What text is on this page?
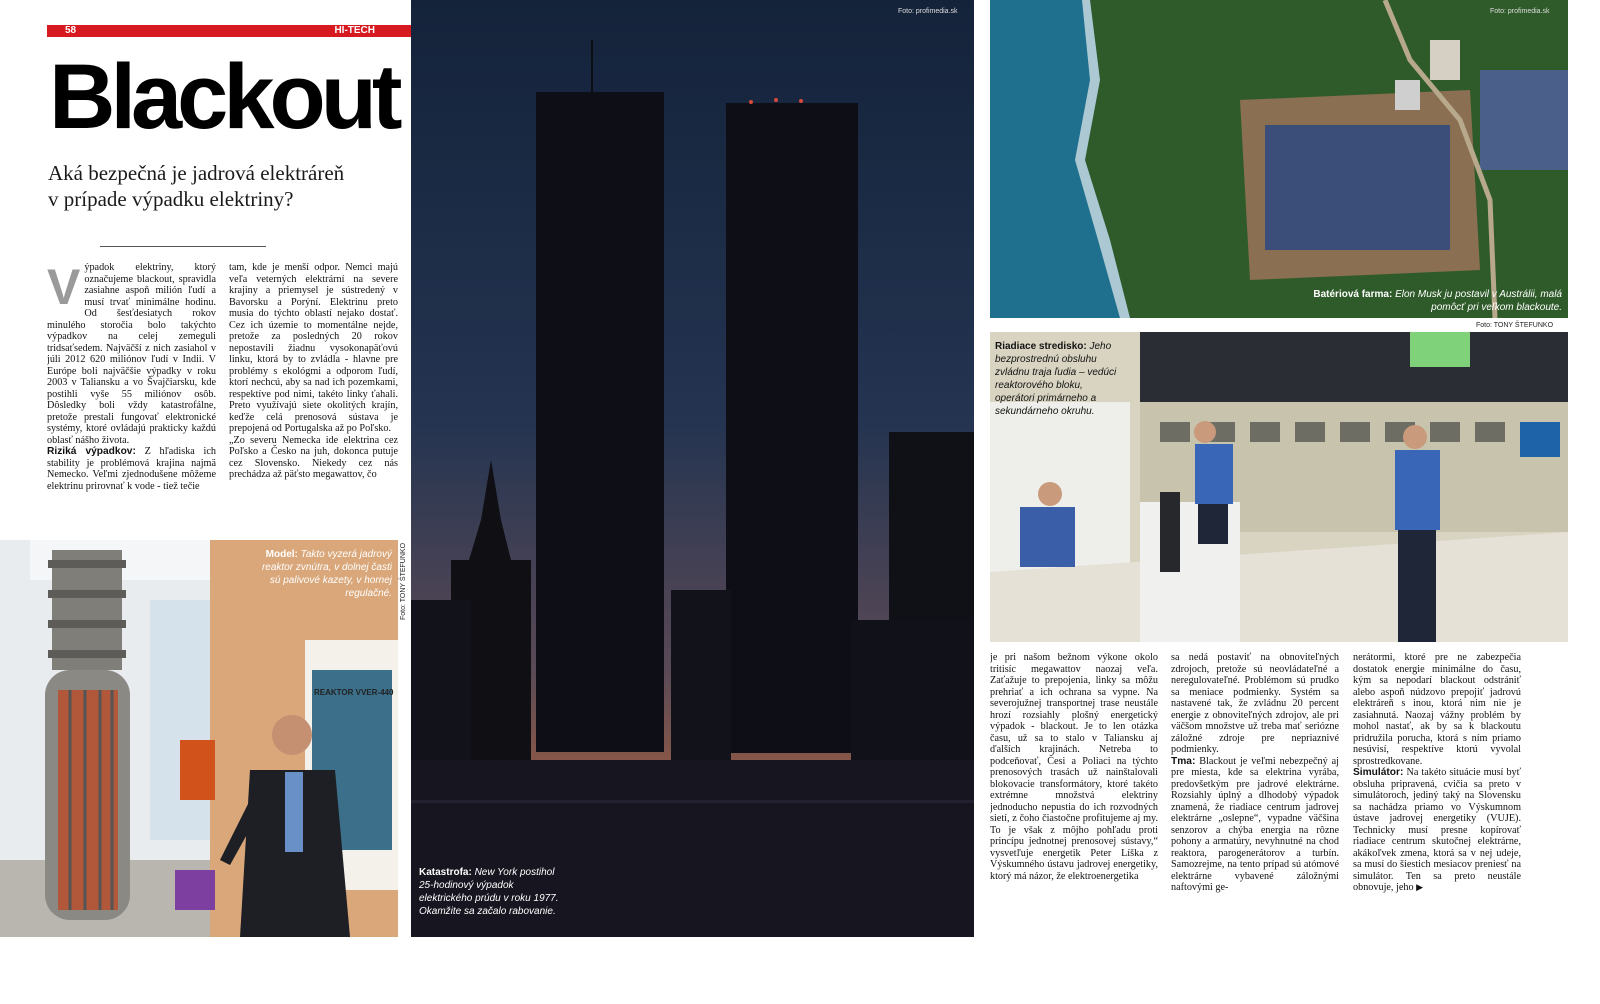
58	HI-TECH
Blackout
Aká bezpečná je jadrová elektráreň v prípade výpadku elektriny?
V ýpadok elektriny, ktorý označujeme blackout, spravidla zasiahne aspoň milión ľudí a musí trvať minimálne hodinu. Od šesťdesiatych rokov minulého storočia bolo takýchto výpadkov na celej zemeguli tridsaťsedem. Najväčší z nich zasiahol v júli 2012 620 miliónov ľudí v Indii. V Európe boli najväčšie výpadky v roku 2003 v Taliansku a vo Švajčiarsku, kde postihli vyše 55 miliónov osôb. Dôsledky boli vždy katastrofálne, pretože prestali fungovať elektronické systémy, ktoré ovládajú prakticky každú oblasť nášho života.

Riziká výpadkov: Z hľadiska ich stability je problémová krajina najmä Nemecko. Veľmi zjednodušene môžeme elektrinu prirovnať k vode - tiež tečie

tam, kde je menší odpor. Nemci majú veľa veterných elektrární na severe krajiny a priemysel je sústredený v Bavorsku a Porýní. Elektrinu preto musia do týchto oblastí nejako dostať. Cez ich územie to momentálne nejde, pretože za posledných 20 rokov nepostavili žiadnu vysokonapäťovú linku, ktorá by to zvládla - hlavne pre problémy s ekológmi a odporom ľudí, ktorí nechcú, aby sa nad ich pozemkami, respektíve pod nimi, takéto linky ťahali. Preto využívajú siete okolitých krajín, keďže celá prenosová sústava je prepojená od Portugalska až po Poľsko.

„Zo severu Nemecka ide elektrina cez Poľsko a Česko na juh, dokonca putuje cez Slovensko. Niekedy cez nás prechádza až päťsto megawattov, čo

REAKTOR VVER-440
Model: Takto vyzerá jadrový reaktor zvnútra, v dolnej časti sú palivové kazety, v hornej regulačné. Foto: TONY ŠTEFUNKO
Foto: profimedia.sk
Katastrofa: New York postihol 25-hodinový výpadok elektrického prúdu v roku 1977. Okamžite sa začalo rabovanie.
Foto: profimedia.sk
Batériová farma: Elon Musk ju postavil v Austrálii, malá pomôcť pri veľkom blackoute.
Foto: TONY ŠTEFUNKO
Riadiace stredisko: Jeho bezprostrednú obsluhu zvládnu traja ľudia – vedúci reaktorového bloku, operátori primárneho a sekundárneho okruhu.

je pri našom bežnom výkone okolo tritisíc megawattov naozaj veľa. Zaťažuje to prepojenia, linky sa môžu prehriať a ich ochrana sa vypne. Na severojužnej transportnej trase neustále hrozí rozsiahly plošný energetický výpadok - blackout. Je to len otázka času, už sa to stalo v Taliansku aj ďalších krajinách. Netreba to podceňovať, Česi a Poliaci na týchto prenosových trasách už nainštalovali blokovacie transformátory, ktoré takéto extrémne množstvá elektriny jednoducho nepustia do ich rozvodných sietí, z čoho čiastočne profitujeme aj my. To je však z môjho pohľadu proti princípu jednotnej prenosovej sústavy,“ vysvetľuje energetik Peter Líška z Výskumného ústavu jadrovej energetiky, ktorý má názor, že elektroenergetika

sa nedá postaviť na obnoviteľných zdrojoch, pretože sú neovládateľné a neregulovateľné. Problémom sú prudko sa meniace podmienky. Systém sa nastavené tak, že zvládnu 20 percent energie z obnoviteľných zdrojov, ale pri väčšom množstve už treba mať seriózne záložné zdroje pre nepriaznivé podmienky.

Tma: Blackout je veľmi nebezpečný aj pre miesta, kde sa elektrina vyrába, predovšetkým pre jadrové elektrárne. Rozsiahly úplný a dlhodobý výpadok znamená, že riadiace centrum jadrovej elektrárne „oslepne“, vypadne väčšina senzorov a chýba energia na rôzne pohony a armatúry, nevyhnutné na chod reaktora, parogenerátorov a turbín. Samozrejme, na tento prípad sú atómové elektrárne vybavené záložnými naftovými ge-

nerátormi, ktoré pre ne zabezpečia dostatok energie minimálne do času, kým sa nepodarí blackout odstrániť alebo aspoň núdzovo prepojiť jadrovú elektráreň s inou, ktorá nim nie je zasiahnutá. Naozaj vážny problém by mohol nastať, ak by sa k blackoutu pridružila porucha, ktorá s ním priamo nesúvisí, respektíve ktorú vyvolal sprostredkovane.

Simulátor: Na takéto situácie musí byť obsluha pripravená, cvičia sa preto v simulátoroch, jediný taký na Slovensku sa nachádza priamo vo Výskumnom ústave jadrovej energetiky (VUJE). Technicky musí presne kopírovať riadiace centrum skutočnej elektrárne, akákoľvek zmena, ktorá sa v nej udeje, sa musí do šiestich mesiacov preniesť na simulátor. Ten sa preto neustále obnovuje, jeho ▶
